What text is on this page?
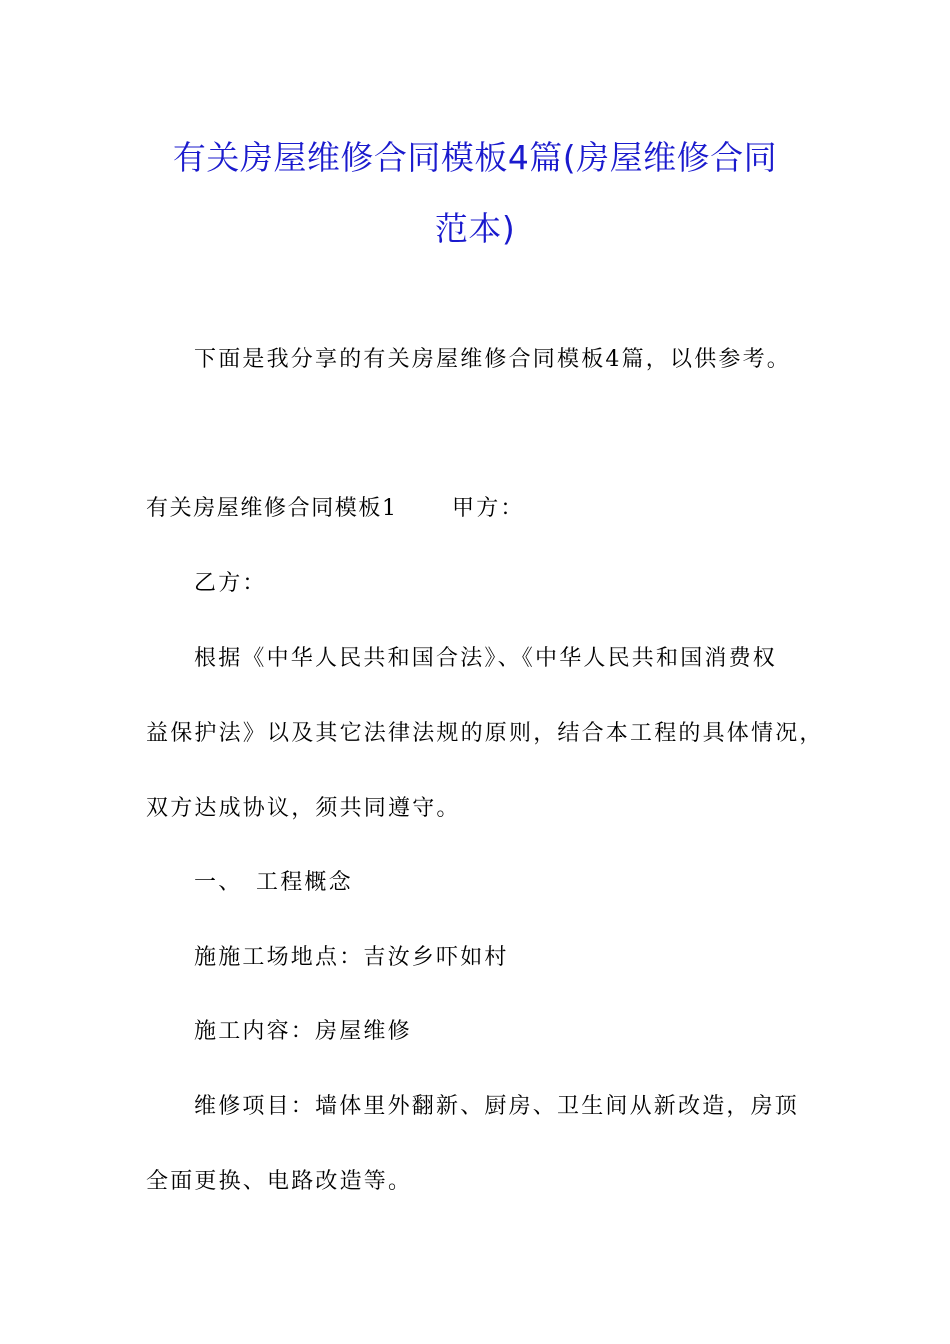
有关房屋维修合同模板4篇(房屋维修合同
范本)

下面是我分享的有关房屋维修合同模板4篇，以供参考。

有关房屋维修合同模板1 甲方：

乙方：

根据《中华人民共和国合法》、《中华人民共和国消费权

益保护法》以及其它法律法规的原则，结合本工程的具体情况，

双方达成协议，须共同遵守。

一、 工程概念

施施工场地点：吉汝乡吓如村

施工内容：房屋维修

维修项目：墙体里外翻新、厨房、卫生间从新改造，房顶

全面更换、电路改造等。
